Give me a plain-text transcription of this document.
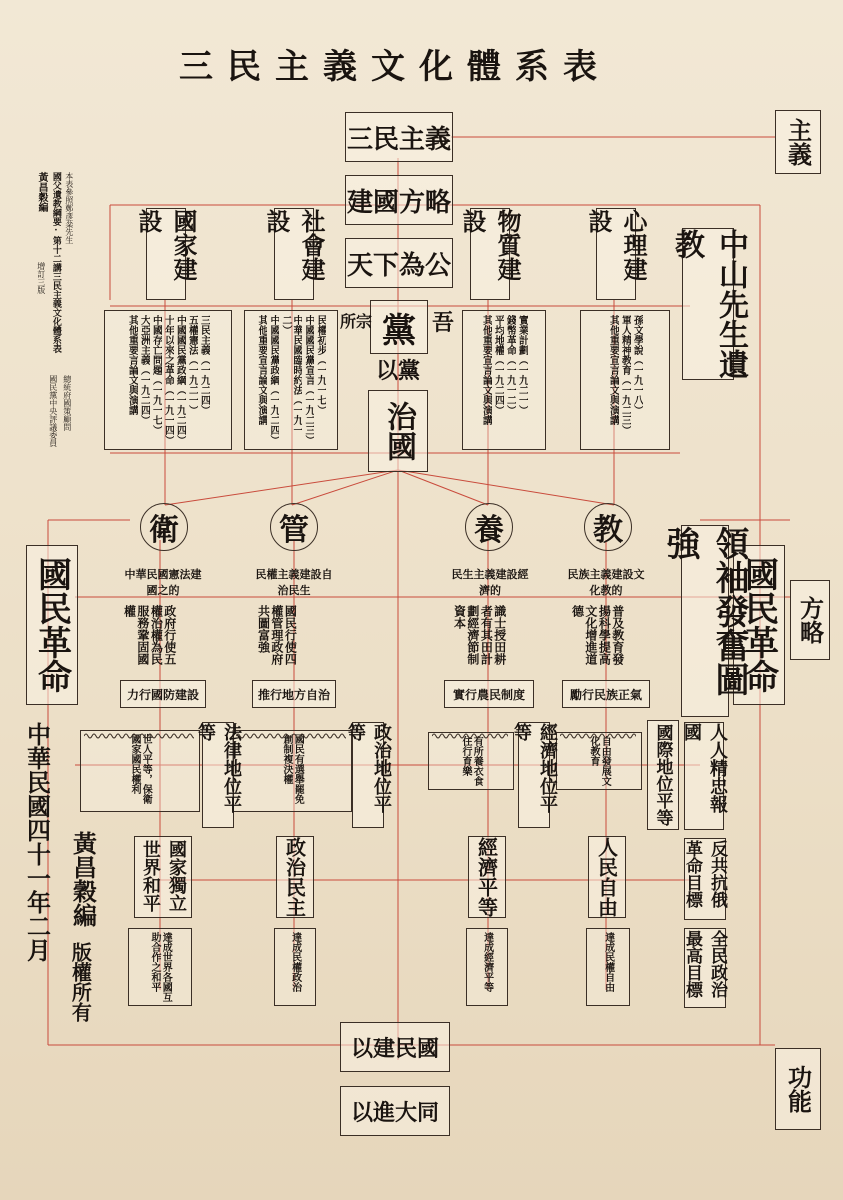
三民主義文化體系表
三民主義
建國方略
天下為公
吾
黨
所宗
以黨
治國
主義
方略
功能
中山先生遺教
國家建設	社會建設	物質建設	心理建設
三民主義（一九二四）
五權憲法（一九二一）
中國國民黨政綱（一九二四）
十年以來之革命（一九一四）
中國存亡問題（一九一七）
大亞洲主義（一九二四）
其他重要言論文與演講	民權初步（一九一七）
中國國民黨宣言（一九二三）
中華民國臨時約法（一九一二）
中國國民黨政綱（一九二四）
其他重要宣言論文與演講	實業計劃（一九二一）
錢幣革命（一九一二）
平均地權（一九二四）
其他重要宣言論文與演講	孫文學說（一九一八）
軍人精神教育（一九二三）
其他重要宣言論文與演講
本表參照鄭彥棻先生
國父遺教綱要·第十二講三民主義文化體系表
黃昌穀編
增訂三版
總統府國策顧問
國民黨中央評議委員
衛	管	養	教
國民革命	國民革命
人人精忠報國
反共抗俄革命目標
全民政治最高目標
中華民國憲法建國之的
民權主義建設自治民生
民生主義建設經濟的
民族主義建設文化教的
政府行使五權治權為民服務鞏固國權	國民行使四權管理政府共圖富強	識士授田耕者有其田計劃經濟節制資本	普及教育發揚科學提高文化增進道德
力行國防建設	推行地方自治	實行農民制度	勵行民族正氣
世人平等，保衛國家國民權利	國民有選舉罷免創制複決權	有所養衣食住行育樂	自由發展文化教育
法律地位平等	政治地位平等	經濟地位平等	國際地位平等
國家獨立世界和平	政治民主	經濟平等	人民自由
達成世界各國互助合作之和平	達成民權政治	達成經濟平等	達成民權自由
中華民國四十一年二月 黃昌穀編
版權所有
以建民國
以進大同
